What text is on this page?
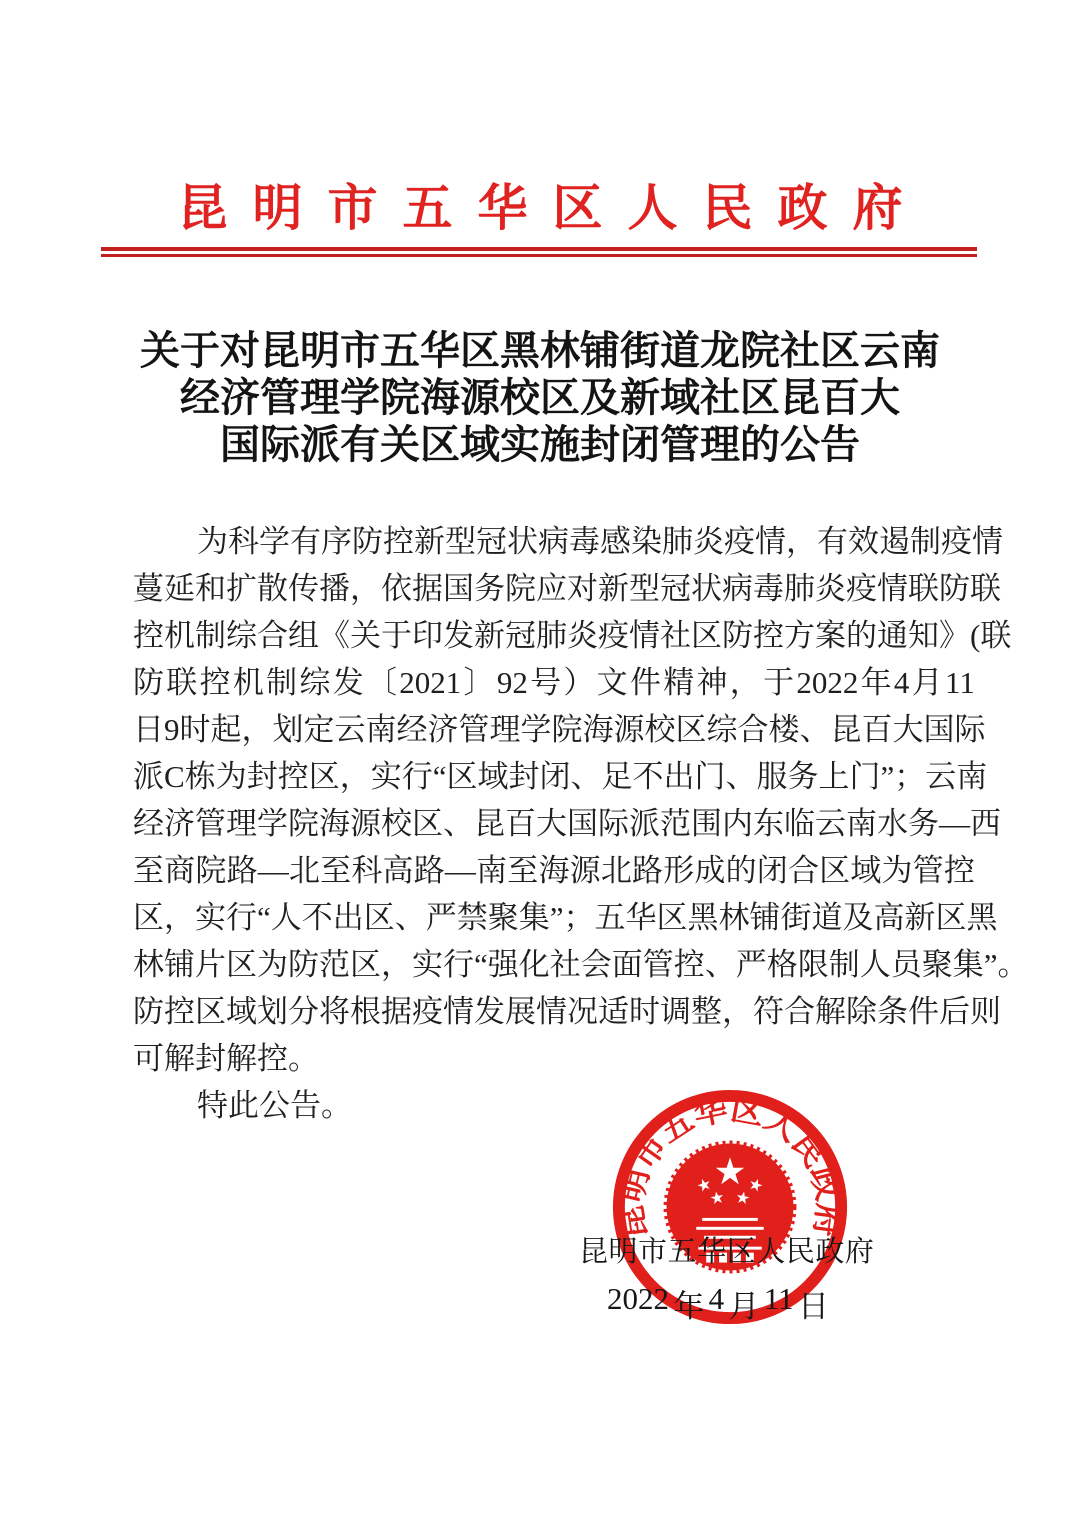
昆明市五华区人民政府
关于对昆明市五华区黑林铺街道龙院社区云南
经济管理学院海源校区及新域社区昆百大
国际派有关区域实施封闭管理的公告
为 科 学 有 序 防 控 新 型 冠 状 病 毒 感 染 肺 炎 疫 情 ， 有 效 遏 制 疫 情
蔓 延 和 扩 散 传 播 ， 依 据 国 务 院 应 对 新 型 冠 状 病 毒 肺 炎 疫 情 联 防 联
控 机 制 综 合 组 《 关 于 印 发 新 冠 肺 炎 疫 情 社 区 防 控 方 案 的 通 知 》 ( 联
防 联 控 机 制 综 发 〔 2021 〕 92 号 ） 文 件 精 神 ， 于 2022 年 4 月 11
日 9 时 起 ， 划 定 云 南 经 济 管 理 学 院 海 源 校 区 综 合 楼 、 昆 百 大 国 际
派 C 栋 为 封 控 区 ， 实 行 “ 区 域 封 闭 、 足 不 出 门 、 服 务 上 门 ” ； 云 南
经 济 管 理 学 院 海 源 校 区 、 昆 百 大 国 际 派 范 围 内 东 临 云 南 水 务 — 西
至 商 院 路 — 北 至 科 高 路 — 南 至 海 源 北 路 形 成 的 闭 合 区 域 为 管 控
区 ， 实 行 “ 人 不 出 区 、 严 禁 聚 集 ” ； 五 华 区 黑 林 铺 街 道 及 高 新 区 黑
林 铺 片 区 为 防 范 区 ， 实 行 “ 强 化 社 会 面 管 控 、 严 格 限 制 人 员 聚 集 ” 。
防 控 区 域 划 分 将 根 据 疫 情 发 展 情 况 适 时 调 整 ， 符 合 解 除 条 件 后 则
可解封解控。
特此公告。
昆明市五华区人民政府
昆 明 市 五 华 区 人 民 政 府
2022 年 4 月 11 日
